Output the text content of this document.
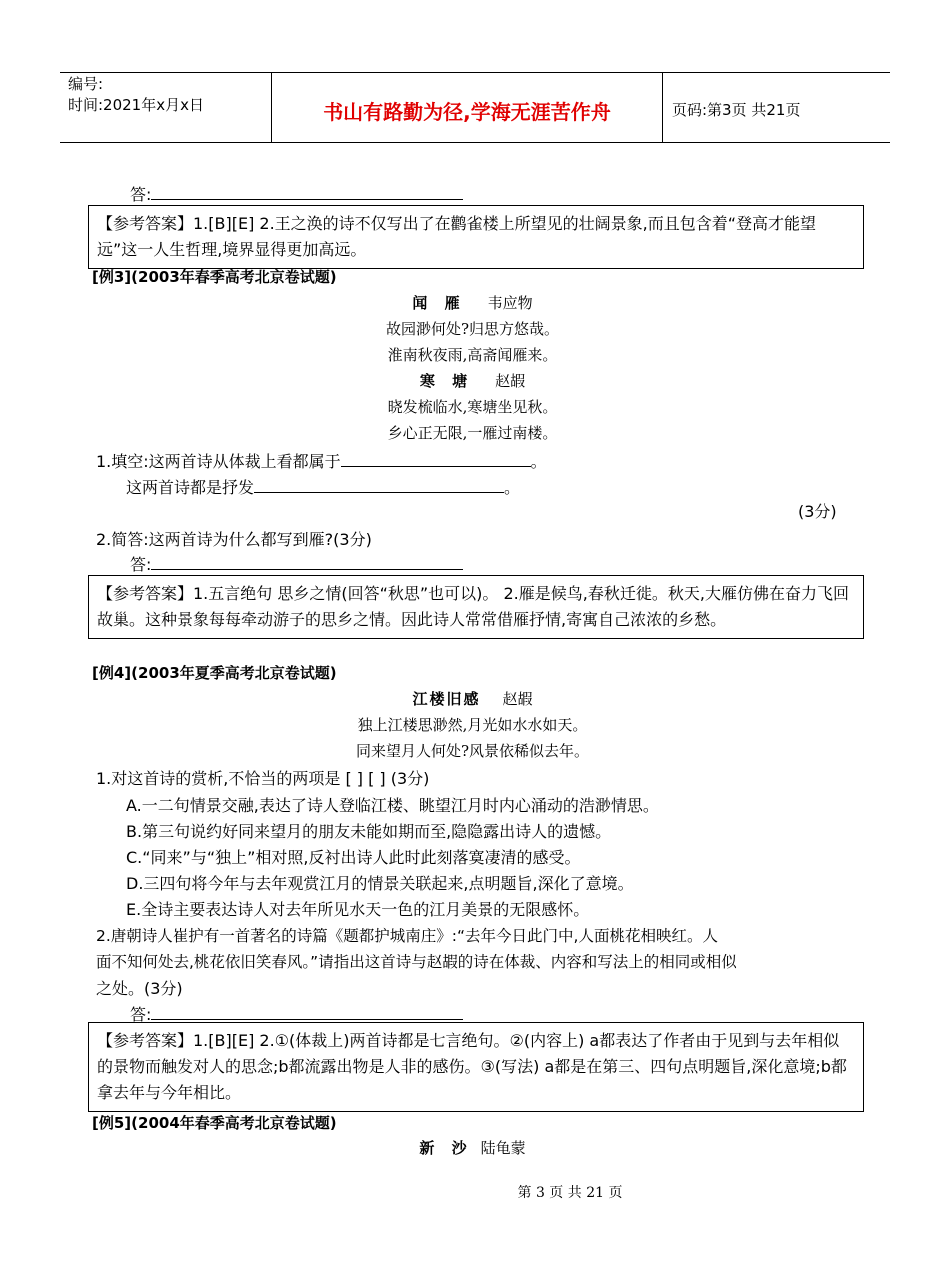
编号:
时间:2021年x月x日	书山有路勤为径,学海无涯苦作舟	页码:第3页 共21页
答:
【参考答案】1.[B][E] 2.王之涣的诗不仅写出了在鹳雀楼上所望见的壮阔景象,而且包含着“登高才能望远”这一人生哲理,境界显得更加高远。
[例3](2003年春季高考北京卷试题)
闻 雁 韦应物
故园渺何处?归思方悠哉。
淮南秋夜雨,高斋闻雁来。
寒 塘 赵嘏
晓发梳临水,寒塘坐见秋。
乡心正无限,一雁过南楼。
1.填空:这两首诗从体裁上看都属于	。
这两首诗都是抒发	。
(3分)
2.简答:这两首诗为什么都写到雁?(3分)
答:
【参考答案】1.五言绝句 思乡之情(回答“秋思”也可以)。 2.雁是候鸟,春秋迁徙。秋天,大雁仿佛在奋力飞回故巢。这种景象每每牵动游子的思乡之情。因此诗人常常借雁抒情,寄寓自己浓浓的乡愁。
[例4](2003年夏季高考北京卷试题)
江楼旧感 赵嘏
独上江楼思渺然,月光如水水如天。
同来望月人何处?风景依稀似去年。
1.对这首诗的赏析,不恰当的两项是 [ ] [ ] (3分)
A.一二句情景交融,表达了诗人登临江楼、眺望江月时内心涌动的浩渺情思。
B.第三句说约好同来望月的朋友未能如期而至,隐隐露出诗人的遗憾。
C.“同来”与“独上”相对照,反衬出诗人此时此刻落寞凄清的感受。
D.三四句将今年与去年观赏江月的情景关联起来,点明题旨,深化了意境。
E.全诗主要表达诗人对去年所见水天一色的江月美景的无限感怀。
2.唐朝诗人崔护有一首著名的诗篇《题都护城南庄》:“去年今日此门中,人面桃花相映红。人
面不知何处去,桃花依旧笑春风。”请指出这首诗与赵嘏的诗在体裁、内容和写法上的相同或相似
之处。(3分)
答:
【参考答案】1.[B][E] 2.①(体裁上)两首诗都是七言绝句。②(内容上) a都表达了作者由于见到与去年相似的景物而触发对人的思念;b都流露出物是人非的感伤。③(写法) a都是在第三、四句点明题旨,深化意境;b都拿去年与今年相比。
[例5](2004年春季高考北京卷试题)
新 沙 陆龟蒙
第 3 页 共 21 页
